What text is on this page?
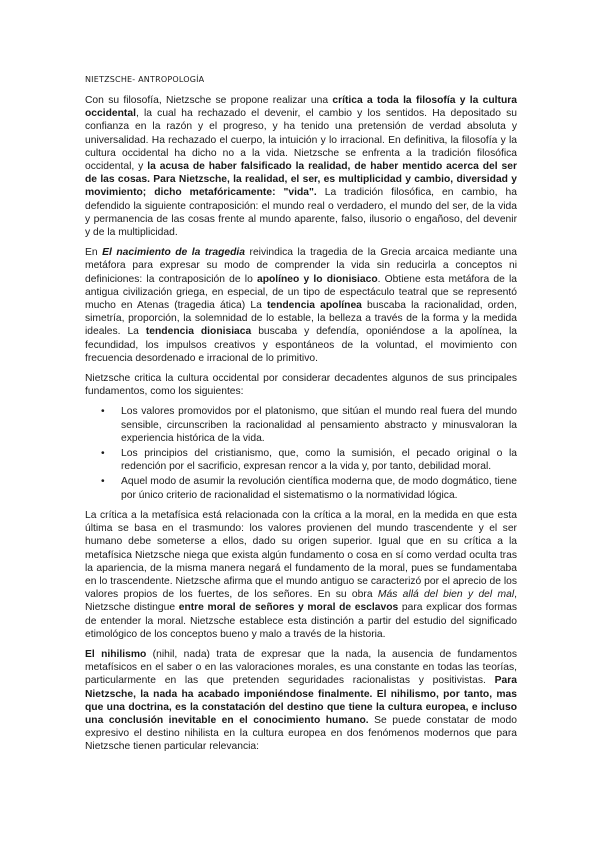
NIETZSCHE- ANTROPOLOGÍA

Con su filosofía, Nietzsche se propone realizar una crítica a toda la filosofía y la cultura occidental, la cual ha rechazado el devenir, el cambio y los sentidos. Ha depositado su confianza en la razón y el progreso, y ha tenido una pretensión de verdad absoluta y universalidad. Ha rechazado el cuerpo, la intuición y lo irracional. En definitiva, la filosofía y la cultura occidental ha dicho no a la vida. Nietzsche se enfrenta a la tradición filosófica occidental, y la acusa de haber falsificado la realidad, de haber mentido acerca del ser de las cosas. Para Nietzsche, la realidad, el ser, es multiplicidad y cambio, diversidad y movimiento; dicho metafóricamente: "vida". La tradición filosófica, en cambio, ha defendido la siguiente contraposición: el mundo real o verdadero, el mundo del ser, de la vida y permanencia de las cosas frente al mundo aparente, falso, ilusorio o engañoso, del devenir y de la multiplicidad.

En El nacimiento de la tragedia reivindica la tragedia de la Grecia arcaica mediante una metáfora para expresar su modo de comprender la vida sin reducirla a conceptos ni definiciones: la contraposición de lo apolíneo y lo dionisiaco. Obtiene esta metáfora de la antigua civilización griega, en especial, de un tipo de espectáculo teatral que se representó mucho en Atenas (tragedia ática) La tendencia apolínea buscaba la racionalidad, orden, simetría, proporción, la solemnidad de lo estable, la belleza a través de la forma y la medida ideales. La tendencia dionisiaca buscaba y defendía, oponiéndose a la apolínea, la fecundidad, los impulsos creativos y espontáneos de la voluntad, el movimiento con frecuencia desordenado e irracional de lo primitivo.

Nietzsche critica la cultura occidental por considerar decadentes algunos de sus principales fundamentos, como los siguientes:

• Los valores promovidos por el platonismo, que sitúan el mundo real fuera del mundo sensible, circunscriben la racionalidad al pensamiento abstracto y minusvaloran la experiencia histórica de la vida.
• Los principios del cristianismo, que, como la sumisión, el pecado original o la redención por el sacrificio, expresan rencor a la vida y, por tanto, debilidad moral.
• Aquel modo de asumir la revolución científica moderna que, de modo dogmático, tiene por único criterio de racionalidad el sistematismo o la normatividad lógica.

La crítica a la metafísica está relacionada con la crítica a la moral, en la medida en que esta última se basa en el trasmundo: los valores provienen del mundo trascendente y el ser humano debe someterse a ellos, dado su origen superior. Igual que en su crítica a la metafísica Nietzsche niega que exista algún fundamento o cosa en sí como verdad oculta tras la apariencia, de la misma manera negará el fundamento de la moral, pues se fundamentaba en lo trascendente. Nietzsche afirma que el mundo antiguo se caracterizó por el aprecio de los valores propios de los fuertes, de los señores. En su obra Más allá del bien y del mal, Nietzsche distingue entre moral de señores y moral de esclavos para explicar dos formas de entender la moral. Nietzsche establece esta distinción a partir del estudio del significado etimológico de los conceptos bueno y malo a través de la historia.

El nihilismo (nihil, nada) trata de expresar que la nada, la ausencia de fundamentos metafísicos en el saber o en las valoraciones morales, es una constante en todas las teorías, particularmente en las que pretenden seguridades racionalistas y positivistas. Para Nietzsche, la nada ha acabado imponiéndose finalmente. El nihilismo, por tanto, mas que una doctrina, es la constatación del destino que tiene la cultura europea, e incluso una conclusión inevitable en el conocimiento humano. Se puede constatar de modo expresivo el destino nihilista en la cultura europea en dos fenómenos modernos que para Nietzsche tienen particular relevancia:
